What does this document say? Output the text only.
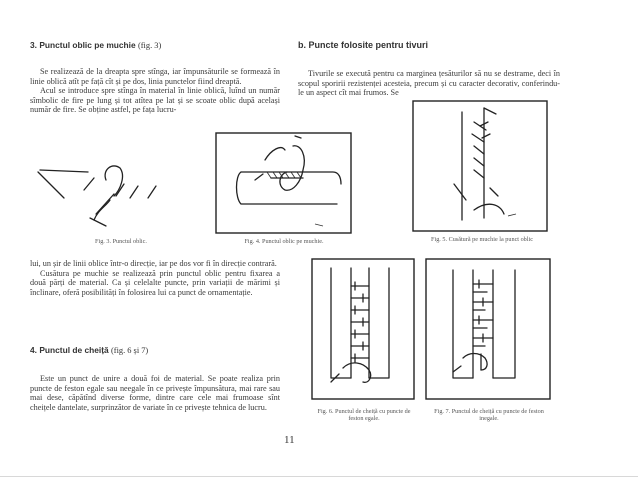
3. Punctul oblic pe muchie (fig. 3)

Se realizează de la dreapta spre stînga, iar împunsăturile se formează în linie oblică atît pe față cît și pe dos, linia punctelor fiind dreaptă.

Acul se introduce spre stînga în material în linie oblică, luînd un număr sîmbolic de fire pe lung și tot atîtea pe lat și se scoate oblic după același număr de fire. Se obține astfel, pe fața lucru-

b. Puncte folosite pentru tivuri

Tivurile se execută pentru ca marginea țesăturilor să nu se destrame, deci în scopul sporirii rezistenței acesteia, precum și cu caracter decorativ, conferindu-le un aspect cît mai frumos. Se

Fig. 3. Punctul oblic.	Fig. 4. Punctul oblic pe muchie.	Fig. 5. Cusătură pe muchie la punct oblic

lui, un șir de linii oblice într-o direcție, iar pe dos vor fi în direcție contrară.

Cusătura pe muchie se realizează prin punctul oblic pentru fixarea a două părți de material. Ca și celelalte puncte, prin variații de mărimi și înclinare, oferă posibilități în folosirea lui ca punct de ornamentație.

4. Punctul de cheiță (fig. 6 și 7)

Este un punct de unire a două foi de material. Se poate realiza prin puncte de feston egale sau neegale în ce privește împunsătura, mai rare sau mai dese, căpătînd diverse forme, dintre care cele mai frumoase sînt cheițele dantelate, surprinzător de variate în ce privește tehnica de lucru.	Fig. 6. Punctul de cheiță cu puncte de feston egale.
Fig. 7. Punctul de cheiță cu puncte de feston inegale.
11
